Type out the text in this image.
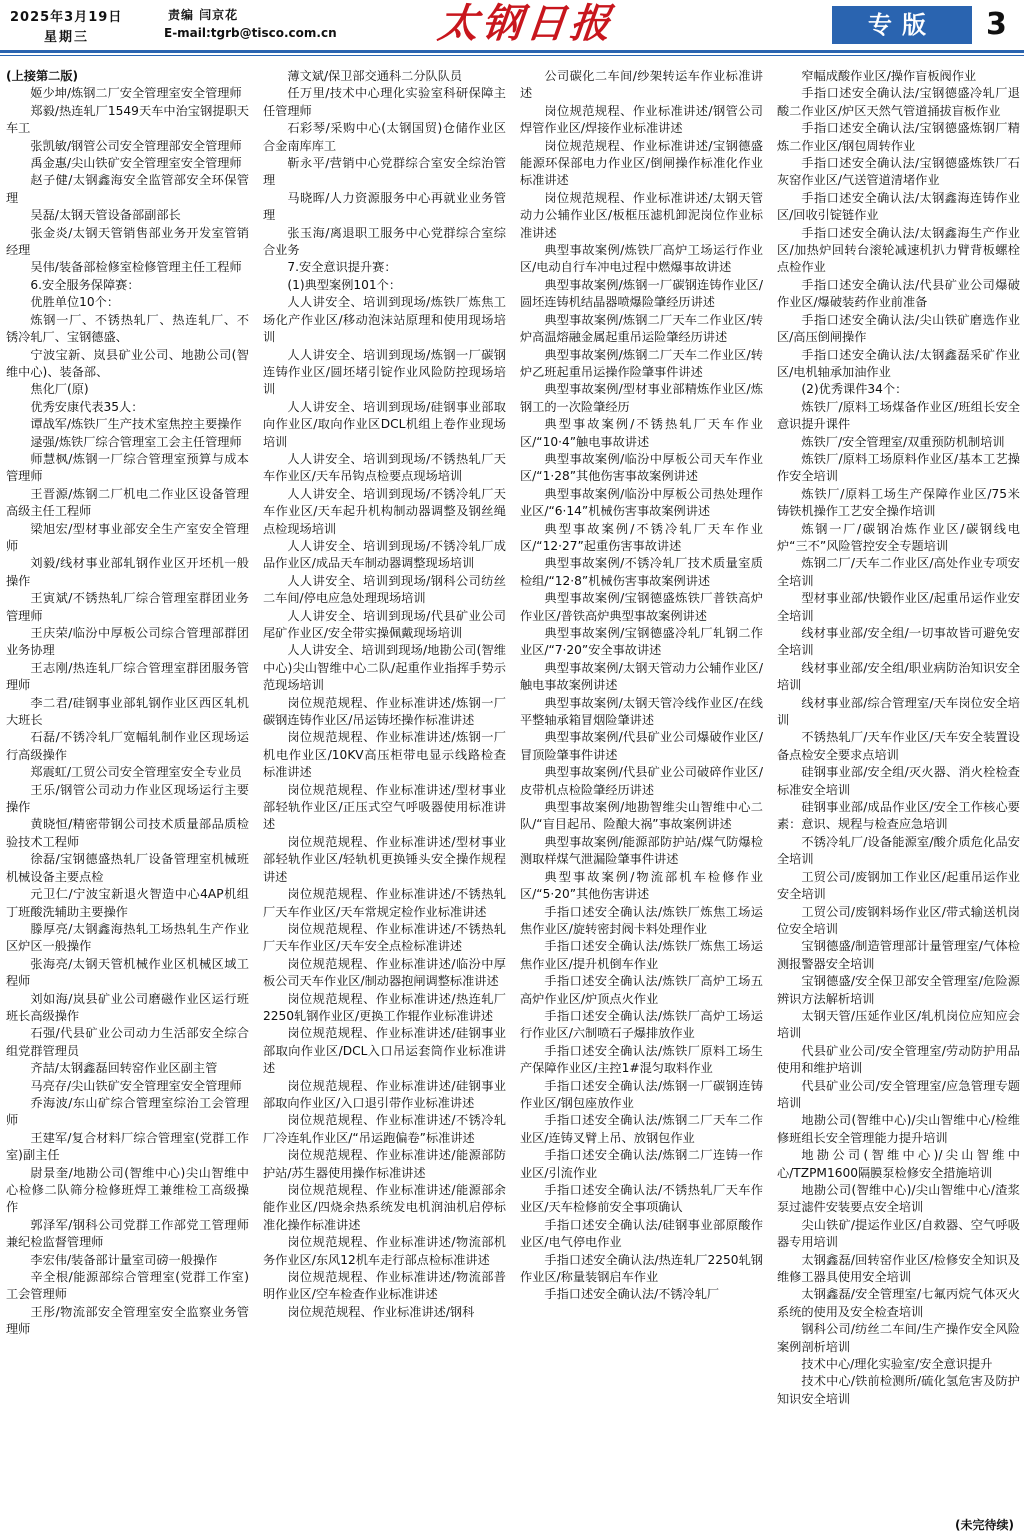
2025年3月19日
星期三
责编 闫京花
E-mail:tgrb@tisco.com.cn 太钢日报	专版	3

(上接第二版)

姬少坤/炼钢二厂安全管理室安全管理师

郑毅/热连轧厂1549天车中治宝钢提职天车工

张凯敏/钢管公司安全管理部安全管理师

禹金惠/尖山铁矿安全管理室安全管理师

赵子健/太钢鑫海安全监管部安全环保管理

吴磊/太钢天管设备部副部长

张金炎/太钢天管销售部业务开发室管销经理

吴伟/装备部检修室检修管理主任工程师

6.安全服务保障赛：

优胜单位10个：

炼钢一厂、不锈热轧厂、热连轧厂、不锈冷轧厂、宝钢德盛、

宁波宝新、岚县矿业公司、地勘公司(智维中心)、装备部、

焦化厂(原)

优秀安康代表35人：

谭战军/炼铁厂生产技术室焦控主要操作

逯强/炼铁厂综合管理室工会主任管理师

师慧枫/炼钢一厂综合管理室预算与成本管理师

王晋源/炼钢二厂机电二作业区设备管理高级主任工程师

梁旭宏/型材事业部安全生产室安全管理师

刘毅/线材事业部轧钢作业区开坯机一般操作

王寅斌/不锈热轧厂综合管理室群团业务管理师

王庆荣/临汾中厚板公司综合管理部群团业务协理

王志刚/热连轧厂综合管理室群团服务管理师

李二君/硅钢事业部轧钢作业区西区轧机大班长

石磊/不锈冷轧厂宽幅轧制作业区现场运行高级操作

郑震虹/工贸公司安全管理室安全专业员

王乐/钢管公司动力作业区现场运行主要操作

黄晓恒/精密带钢公司技术质量部品质检验技术工程师

徐磊/宝钢德盛热轧厂设备管理室机械班机械设备主要点检

元卫仁/宁波宝新退火智造中心4AP机组丁班酸洗辅助主要操作

滕厚亮/太钢鑫海热轧工场热轧生产作业区炉区一般操作

张海亮/太钢天管机械作业区机械区域工程师

刘如海/岚县矿业公司磨磁作业区运行班班长高级操作

石强/代县矿业公司动力生活部安全综合组党群管理员

齐喆/太钢鑫磊回转窑作业区副主管

马亮存/尖山铁矿安全管理室安全管理师

乔海波/东山矿综合管理室综治工会管理师

王建军/复合材料厂综合管理室(党群工作室)副主任

尉景奎/地勘公司(智维中心)尖山智维中心检修二队筛分检修班焊工兼维检工高级操作

郭泽军/钢科公司党群工作部党工管理师兼纪检监督管理师

李宏伟/装备部计量室司磅一般操作

辛全根/能源部综合管理室(党群工作室)工会管理师

王彤/物流部安全管理室安全监察业务管理师

薄文斌/保卫部交通科二分队队员

任万里/技术中心理化实验室科研保障主任管理师

石彩琴/采购中心(太钢国贸)仓储作业区合金南库库工

靳永平/营销中心党群综合室安全综治管理

马晓晖/人力资源服务中心再就业业务管理

张玉海/离退职工服务中心党群综合室综合业务

7.安全意识提升赛：

(1)典型案例101个：

人人讲安全、培训到现场/炼铁厂炼焦工场化产作业区/移动泡沫站原理和使用现场培训

人人讲安全、培训到现场/炼钢一厂碳钢连铸作业区/圆坯堵引锭作业风险防控现场培训

人人讲安全、培训到现场/硅钢事业部取向作业区/取向作业区DCL机组上卷作业现场培训

人人讲安全、培训到现场/不锈热轧厂天车作业区/天车吊钩点检要点现场培训

人人讲安全、培训到现场/不锈冷轧厂天车作业区/天车起升机构制动器调整及钢丝绳点检现场培训

人人讲安全、培训到现场/不锈冷轧厂成品作业区/成品天车制动器调整现场培训

人人讲安全、培训到现场/钢科公司纺丝二车间/停电应急处理现场培训

人人讲安全、培训到现场/代县矿业公司尾矿作业区/安全带实操佩戴现场培训

人人讲安全、培训到现场/地勘公司(智维中心)尖山智维中心二队/起重作业指挥手势示范现场培训

岗位规范规程、作业标准讲述/炼钢一厂碳钢连铸作业区/吊运铸坯操作标准讲述

岗位规范规程、作业标准讲述/炼钢一厂机电作业区/10KV高压柜带电显示线路检查标准讲述

岗位规范规程、作业标准讲述/型材事业部轻轨作业区/正压式空气呼吸器使用标准讲述

岗位规范规程、作业标准讲述/型材事业部轻轨作业区/轻轨机更换锤头安全操作规程讲述

岗位规范规程、作业标准讲述/不锈热轧厂天车作业区/天车常规定检作业标准讲述

岗位规范规程、作业标准讲述/不锈热轧厂天车作业区/天车安全点检标准讲述

岗位规范规程、作业标准讲述/临汾中厚板公司天车作业区/制动器抱闸调整标准讲述

岗位规范规程、作业标准讲述/热连轧厂2250轧钢作业区/更换工作辊作业标准讲述

岗位规范规程、作业标准讲述/硅钢事业部取向作业区/DCL入口吊运套筒作业标准讲述

岗位规范规程、作业标准讲述/硅钢事业部取向作业区/入口退引带作业标准讲述

岗位规范规程、作业标准讲述/不锈冷轧厂冷连轧作业区/“吊运跑偏卷”标准讲述

岗位规范规程、作业标准讲述/能源部防护站/苏生器使用操作标准讲述

岗位规范规程、作业标准讲述/能源部余能作业区/四烧余热系统发电机润油机启停标准化操作标准讲述

岗位规范规程、作业标准讲述/物流部机务作业区/东风12机车走行部点检标准讲述

岗位规范规程、作业标准讲述/物流部普明作业区/空车检查作业标准讲述

岗位规范规程、作业标准讲述/钢科

公司碳化二车间/纱架转运车作业标准讲述

岗位规范规程、作业标准讲述/钢管公司焊管作业区/焊接作业标准讲述

岗位规范规程、作业标准讲述/宝钢德盛能源环保部电力作业区/倒闸操作标准化作业标准讲述

岗位规范规程、作业标准讲述/太钢天管动力公辅作业区/板框压滤机卸泥岗位作业标准讲述

典型事故案例/炼铁厂高炉工场运行作业区/电动自行车冲电过程中燃爆事故讲述

典型事故案例/炼钢一厂碳钢连铸作业区/圆坯连铸机结晶器喷爆险肇经历讲述

典型事故案例/炼钢二厂天车二作业区/转炉高温熔融金属起重吊运险肇经历讲述

典型事故案例/炼钢二厂天车二作业区/转炉乙班起重吊运操作险肇事件讲述

典型事故案例/型材事业部精炼作业区/炼钢工的一次险肇经历

典型事故案例/不锈热轧厂天车作业区/“10·4”触电事故讲述

典型事故案例/临汾中厚板公司天车作业区/“1·28”其他伤害事故案例讲述

典型事故案例/临汾中厚板公司热处理作业区/“6·14”机械伤害事故案例讲述

典型事故案例/不锈冷轧厂天车作业区/“12·27”起重伤害事故讲述

典型事故案例/不锈冷轧厂技术质量室质检组/“12·8”机械伤害事故案例讲述

典型事故案例/宝钢德盛炼铁厂普铁高炉作业区/普铁高炉典型事故案例讲述

典型事故案例/宝钢德盛冷轧厂轧钢二作业区/“7·20”安全事故讲述

典型事故案例/太钢天管动力公辅作业区/触电事故案例讲述

典型事故案例/太钢天管冷线作业区/在线平整轴承箱冒烟险肇讲述

典型事故案例/代县矿业公司爆破作业区/冒顶险肇事件讲述

典型事故案例/代县矿业公司破碎作业区/皮带机点检险肇经历讲述

典型事故案例/地勘智维尖山智维中心二队/“盲目起吊、险酿大祸”事故案例讲述

典型事故案例/能源部防护站/煤气防爆检测取样煤气泄漏险肇事件讲述

典型事故案例/物流部机车检修作业区/“5·20”其他伤害讲述

手指口述安全确认法/炼铁厂炼焦工场运焦作业区/旋转密封阀卡料处理作业

手指口述安全确认法/炼铁厂炼焦工场运焦作业区/提升机倒车作业

手指口述安全确认法/炼铁厂高炉工场五高炉作业区/炉顶点火作业

手指口述安全确认法/炼铁厂高炉工场运行作业区/六制喷石子爆排放作业

手指口述安全确认法/炼铁厂原料工场生产保障作业区/主控1#混匀取料作业

手指口述安全确认法/炼钢一厂碳钢连铸作业区/钢包座放作业

手指口述安全确认法/炼钢二厂天车二作业区/连铸叉臂上吊、放钢包作业

手指口述安全确认法/炼钢二厂连铸一作业区/引流作业

手指口述安全确认法/不锈热轧厂天车作业区/天车检修前安全事项确认

手指口述安全确认法/硅钢事业部原酸作业区/电气停电作业

手指口述安全确认法/热连轧厂2250轧钢作业区/称量装钢启车作业

手指口述安全确认法/不锈冷轧厂

窄幅成酸作业区/操作盲板阀作业

手指口述安全确认法/宝钢德盛冷轧厂退酸二作业区/炉区天然气管道捅拔盲板作业

手指口述安全确认法/宝钢德盛炼钢厂精炼二作业区/钢包周转作业

手指口述安全确认法/宝钢德盛炼铁厂石灰窑作业区/气送管道清堵作业

手指口述安全确认法/太钢鑫海连铸作业区/回收引锭链作业

手指口述安全确认法/太钢鑫海生产作业区/加热炉回转台滚轮减速机扒力臂背板螺栓点检作业

手指口述安全确认法/代县矿业公司爆破作业区/爆破装药作业前准备

手指口述安全确认法/尖山铁矿磨选作业区/高压倒闸操作

手指口述安全确认法/太钢鑫磊采矿作业区/电机轴承加油作业

(2)优秀课件34个：

炼铁厂/原料工场煤备作业区/班组长安全意识提升课件

炼铁厂/安全管理室/双重预防机制培训

炼铁厂/原料工场原料作业区/基本工艺操作安全培训

炼铁厂/原料工场生产保障作业区/75米铸铁机操作工艺安全操作培训

炼钢一厂/碳钢冶炼作业区/碳钢线电炉“三不”风险管控安全专题培训

炼钢二厂/天车二作业区/高处作业专项安全培训

型材事业部/快锻作业区/起重吊运作业安全培训

线材事业部/安全组/一切事故皆可避免安全培训

线材事业部/安全组/职业病防治知识安全培训

线材事业部/综合管理室/天车岗位安全培训

不锈热轧厂/天车作业区/天车安全装置设备点检安全要求点培训

硅钢事业部/安全组/灭火器、消火栓检查标准安全培训

硅钢事业部/成品作业区/安全工作核心要素：意识、规程与检查应急培训

不锈冷轧厂/设备能源室/酸介质危化品安全培训

工贸公司/废钢加工作业区/起重吊运作业安全培训

工贸公司/废钢料场作业区/带式输送机岗位安全培训

宝钢德盛/制造管理部计量管理室/气体检测报警器安全培训

宝钢德盛/安全保卫部安全管理室/危险源辨识方法解析培训

太钢天管/压延作业区/轧机岗位应知应会培训

代县矿业公司/安全管理室/劳动防护用品使用和维护培训

代县矿业公司/安全管理室/应急管理专题培训

地勘公司(智维中心)/尖山智维中心/检维修班组长安全管理能力提升培训

地勘公司(智维中心)/尖山智维中心/TZPM1600隔膜泵检修安全措施培训

地勘公司(智维中心)/尖山智维中心/渣浆泵过滤件安装要点安全培训

尖山铁矿/提运作业区/自救器、空气呼吸器专用培训

太钢鑫磊/回转窑作业区/检修安全知识及维修工器具使用安全培训

太钢鑫磊/安全管理室/七氟丙烷气体灭火系统的使用及安全检查培训

钢科公司/纺丝二车间/生产操作安全风险案例剖析培训

技术中心/理化实验室/安全意识提升

技术中心/铁前检测所/硫化氢危害及防护知识安全培训

(未完待续)
